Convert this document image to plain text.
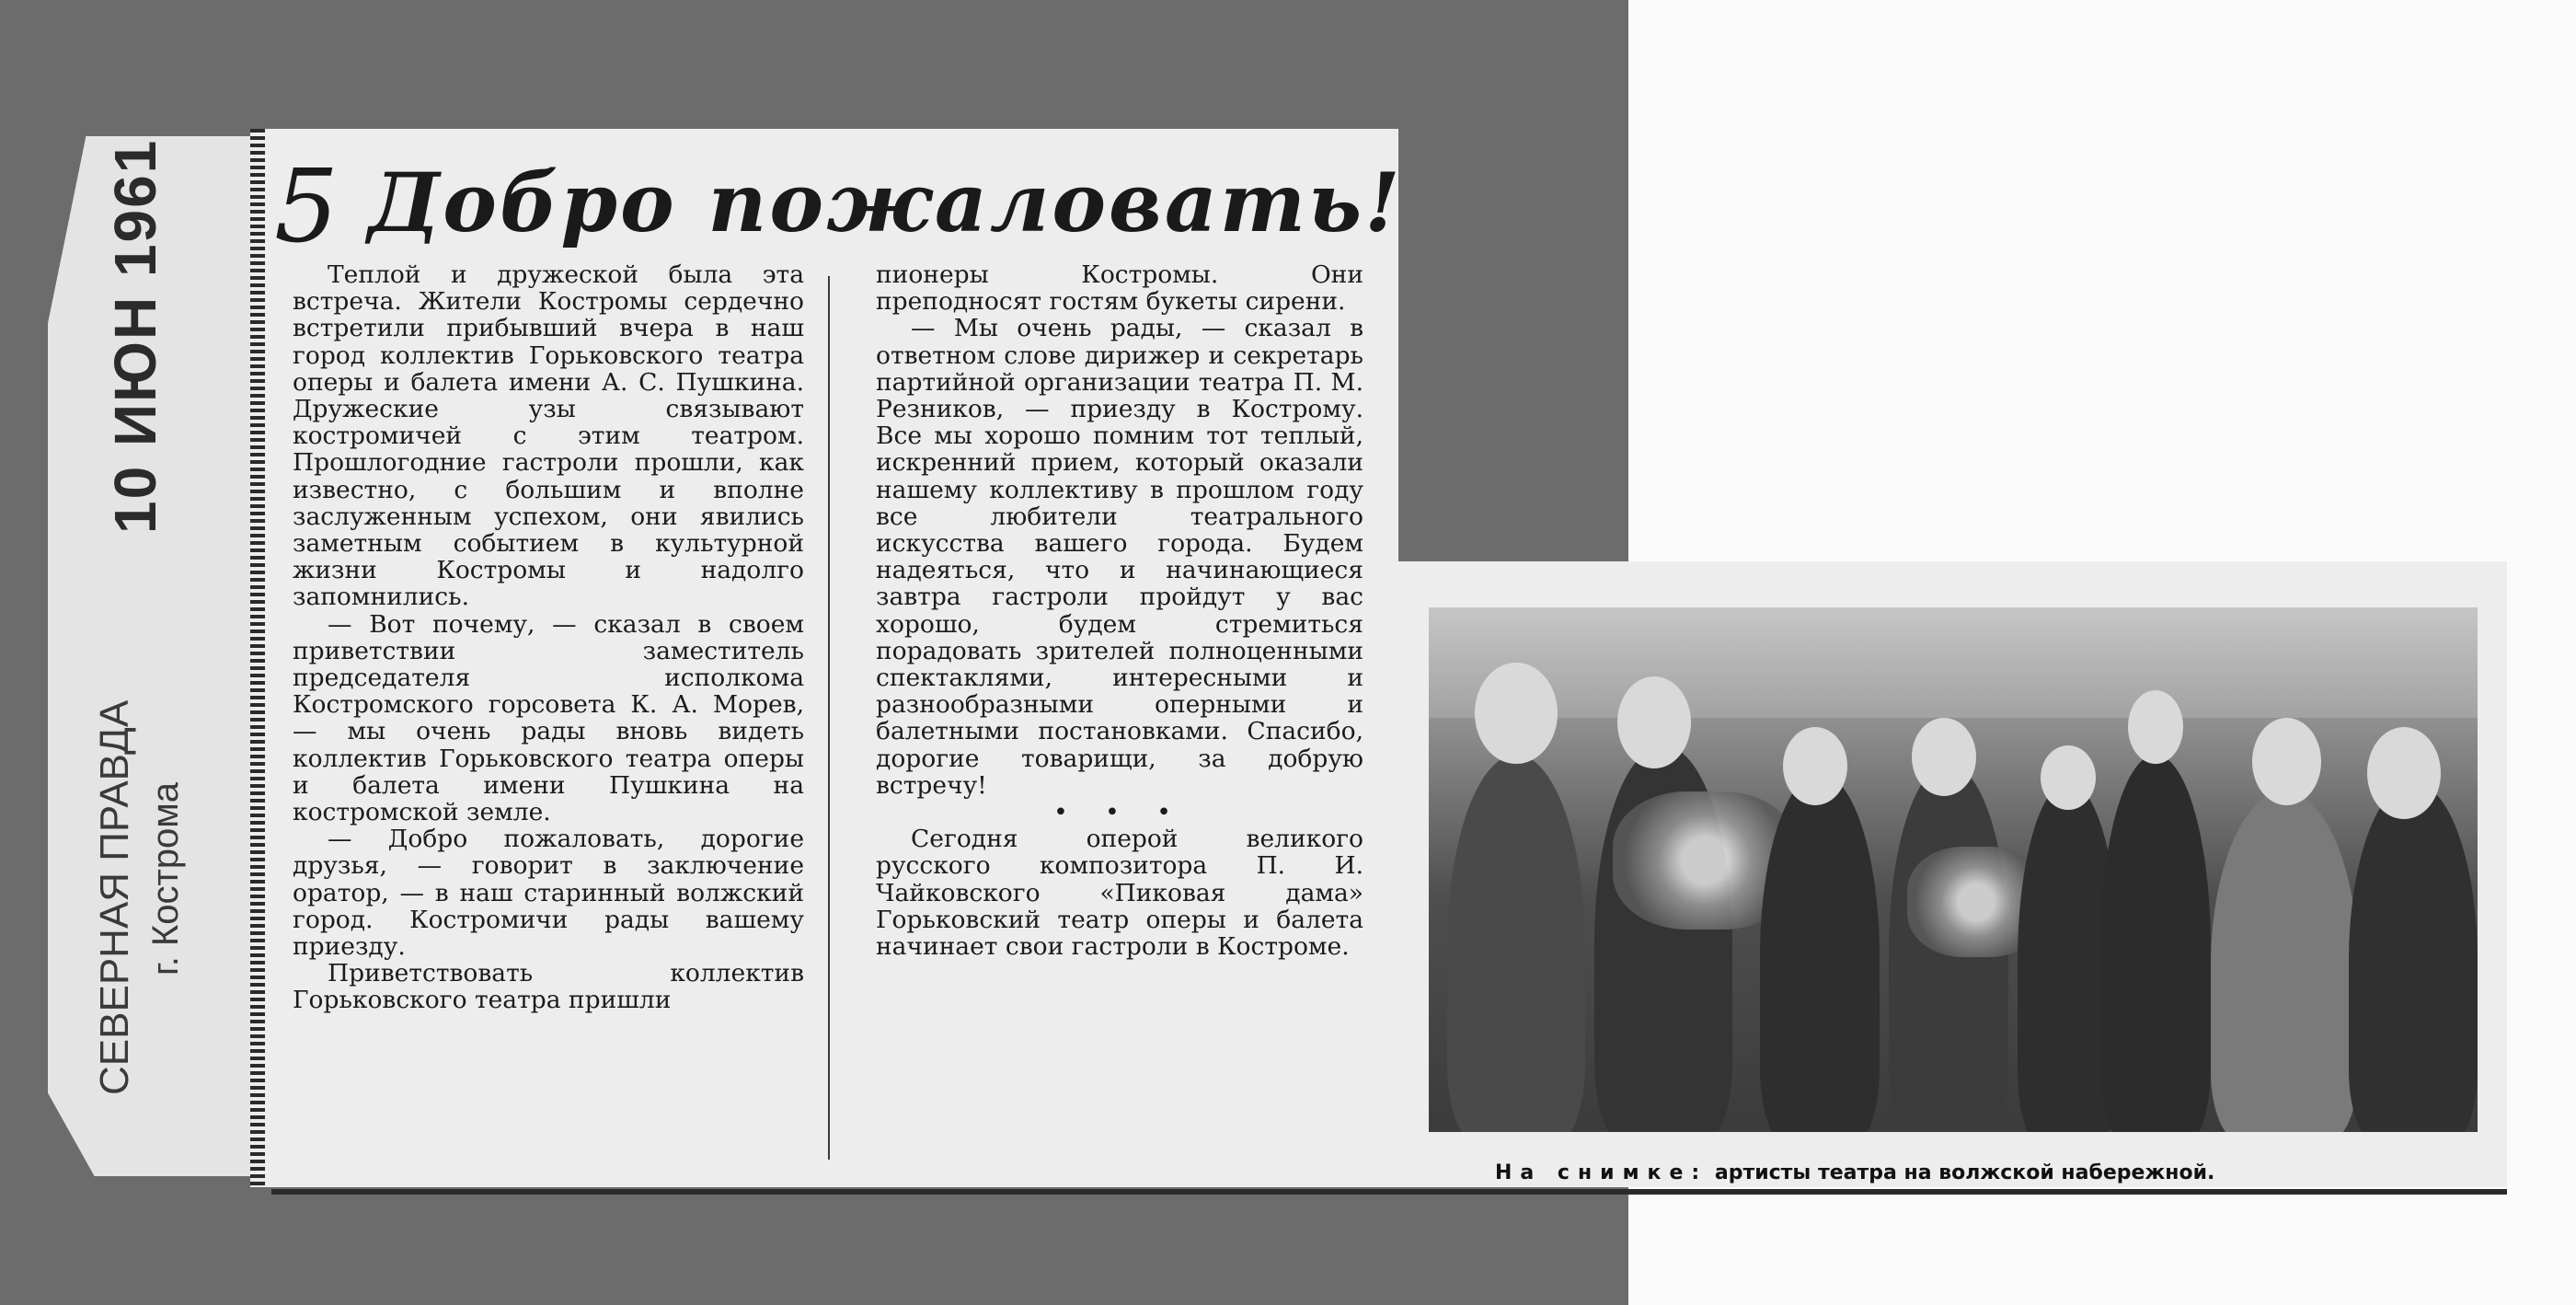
10 ИЮН 1961
СЕВЕРНАЯ ПРАВДА г. Кострома
5 Добро пожаловать!

Теплой и дружеской была эта встреча. Жители Костромы сердечно встретили прибывший вчера в наш город коллектив Горьковского театра оперы и балета имени А. С. Пушкина. Дружеские узы связывают костромичей с этим театром. Прошлогодние гастроли прошли, как известно, с большим и вполне заслуженным успехом, они явились заметным событием в культурной жизни Костромы и надолго запомнились.

— Вот почему, — сказал в своем приветствии заместитель председателя исполкома Костромского горсовета К. А. Морев, — мы очень рады вновь видеть коллектив Горьковского театра оперы и балета имени Пушкина на костромской земле.

— Добро пожаловать, дорогие друзья, — говорит в заключение оратор, — в наш старинный волжский город. Костромичи рады вашему приезду.

Приветствовать коллектив Горьковского театра пришли

пионеры Костромы. Они преподносят гостям букеты сирени.

— Мы очень рады, — сказал в ответном слове дирижер и секретарь партийной организации театра П. М. Резников, — приезду в Кострому. Все мы хорошо помним тот теплый, искренний прием, который оказали нашему коллективу в прошлом году все любители театрального искусства вашего города. Будем надеяться, что и начинающиеся завтра гастроли пройдут у вас хорошо, будем стремиться порадовать зрителей полноценными спектаклями, интересными и разнообразными оперными и балетными постановками. Спасибо, дорогие товарищи, за добрую встречу!

• • •

Сегодня оперой великого русского композитора П. И. Чайковского «Пиковая дама» Горьковский театр оперы и балета начинает свои гастроли в Костроме.

На снимке: артисты театра на волжской набережной.
